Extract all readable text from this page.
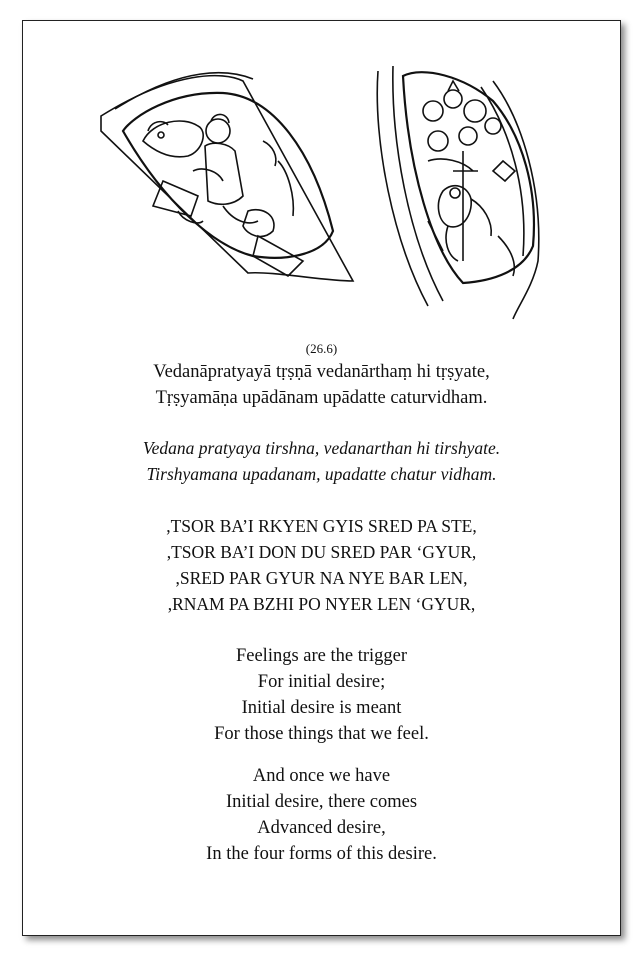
(26.6)
Vedanāpratyayā tṛṣṇā vedanārthaṃ hi tṛṣyate,
Tṛṣyamāṇa upādānam upādatte caturvidham.
Vedana pratyaya tirshna, vedanarthan hi tirshyate.
Tirshyamana upadanam, upadatte chatur vidham.
,TSOR BA’I RKYEN GYIS SRED PA STE,
,TSOR BA’I DON DU SRED PAR ‘GYUR,
,SRED PAR GYUR NA NYE BAR LEN,
,RNAM PA BZHI PO NYER LEN ‘GYUR,
Feelings are the trigger
For initial desire;
Initial desire is meant
For those things that we feel.
And once we have
Initial desire, there comes
Advanced desire,
In the four forms of this desire.
